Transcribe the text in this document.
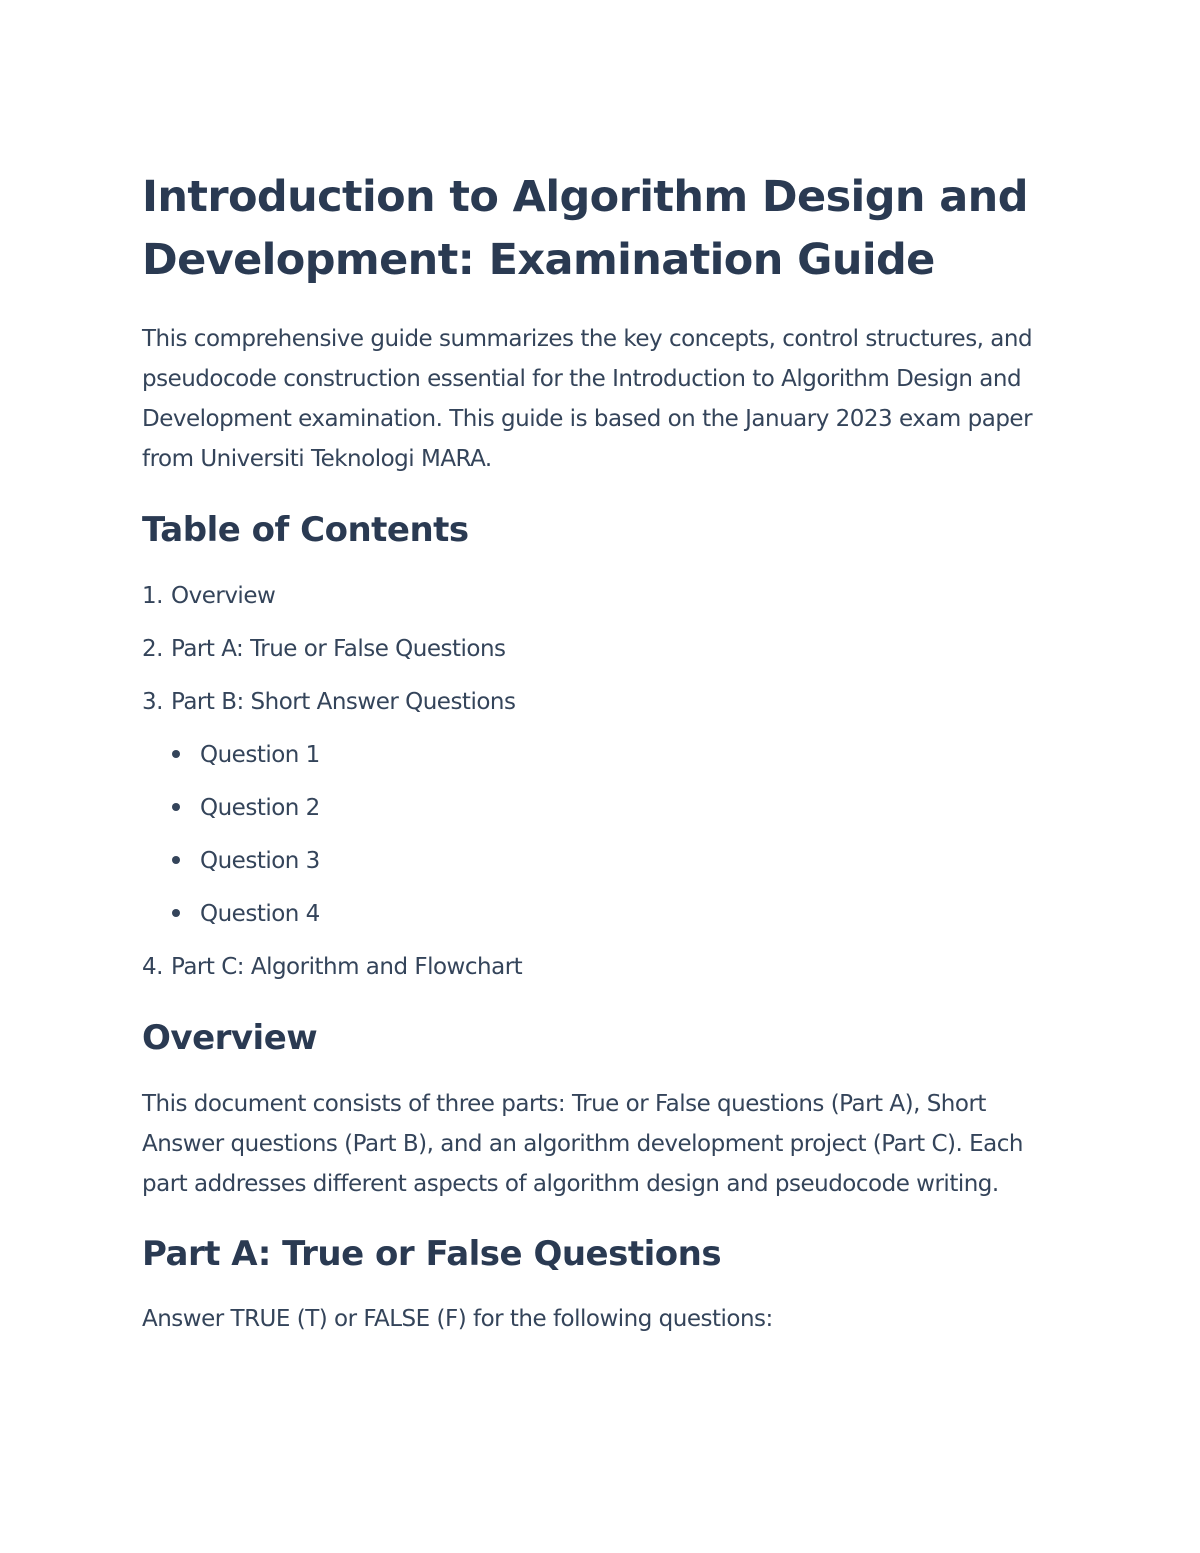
Introduction to Algorithm Design and Development: Examination Guide

This comprehensive guide summarizes the key concepts, control structures, and pseudocode construction essential for the Introduction to Algorithm Design and Development examination. This guide is based on the January 2023 exam paper from Universiti Teknologi MARA.

Table of Contents
1. Overview
2. Part A: True or False Questions
3. Part B: Short Answer Questions
Question 1
Question 2
Question 3
Question 4
4. Part C: Algorithm and Flowchart
Overview

This document consists of three parts: True or False questions (Part A), Short Answer questions (Part B), and an algorithm development project (Part C). Each part addresses different aspects of algorithm design and pseudocode writing.

Part A: True or False Questions

Answer TRUE (T) or FALSE (F) for the following questions:
